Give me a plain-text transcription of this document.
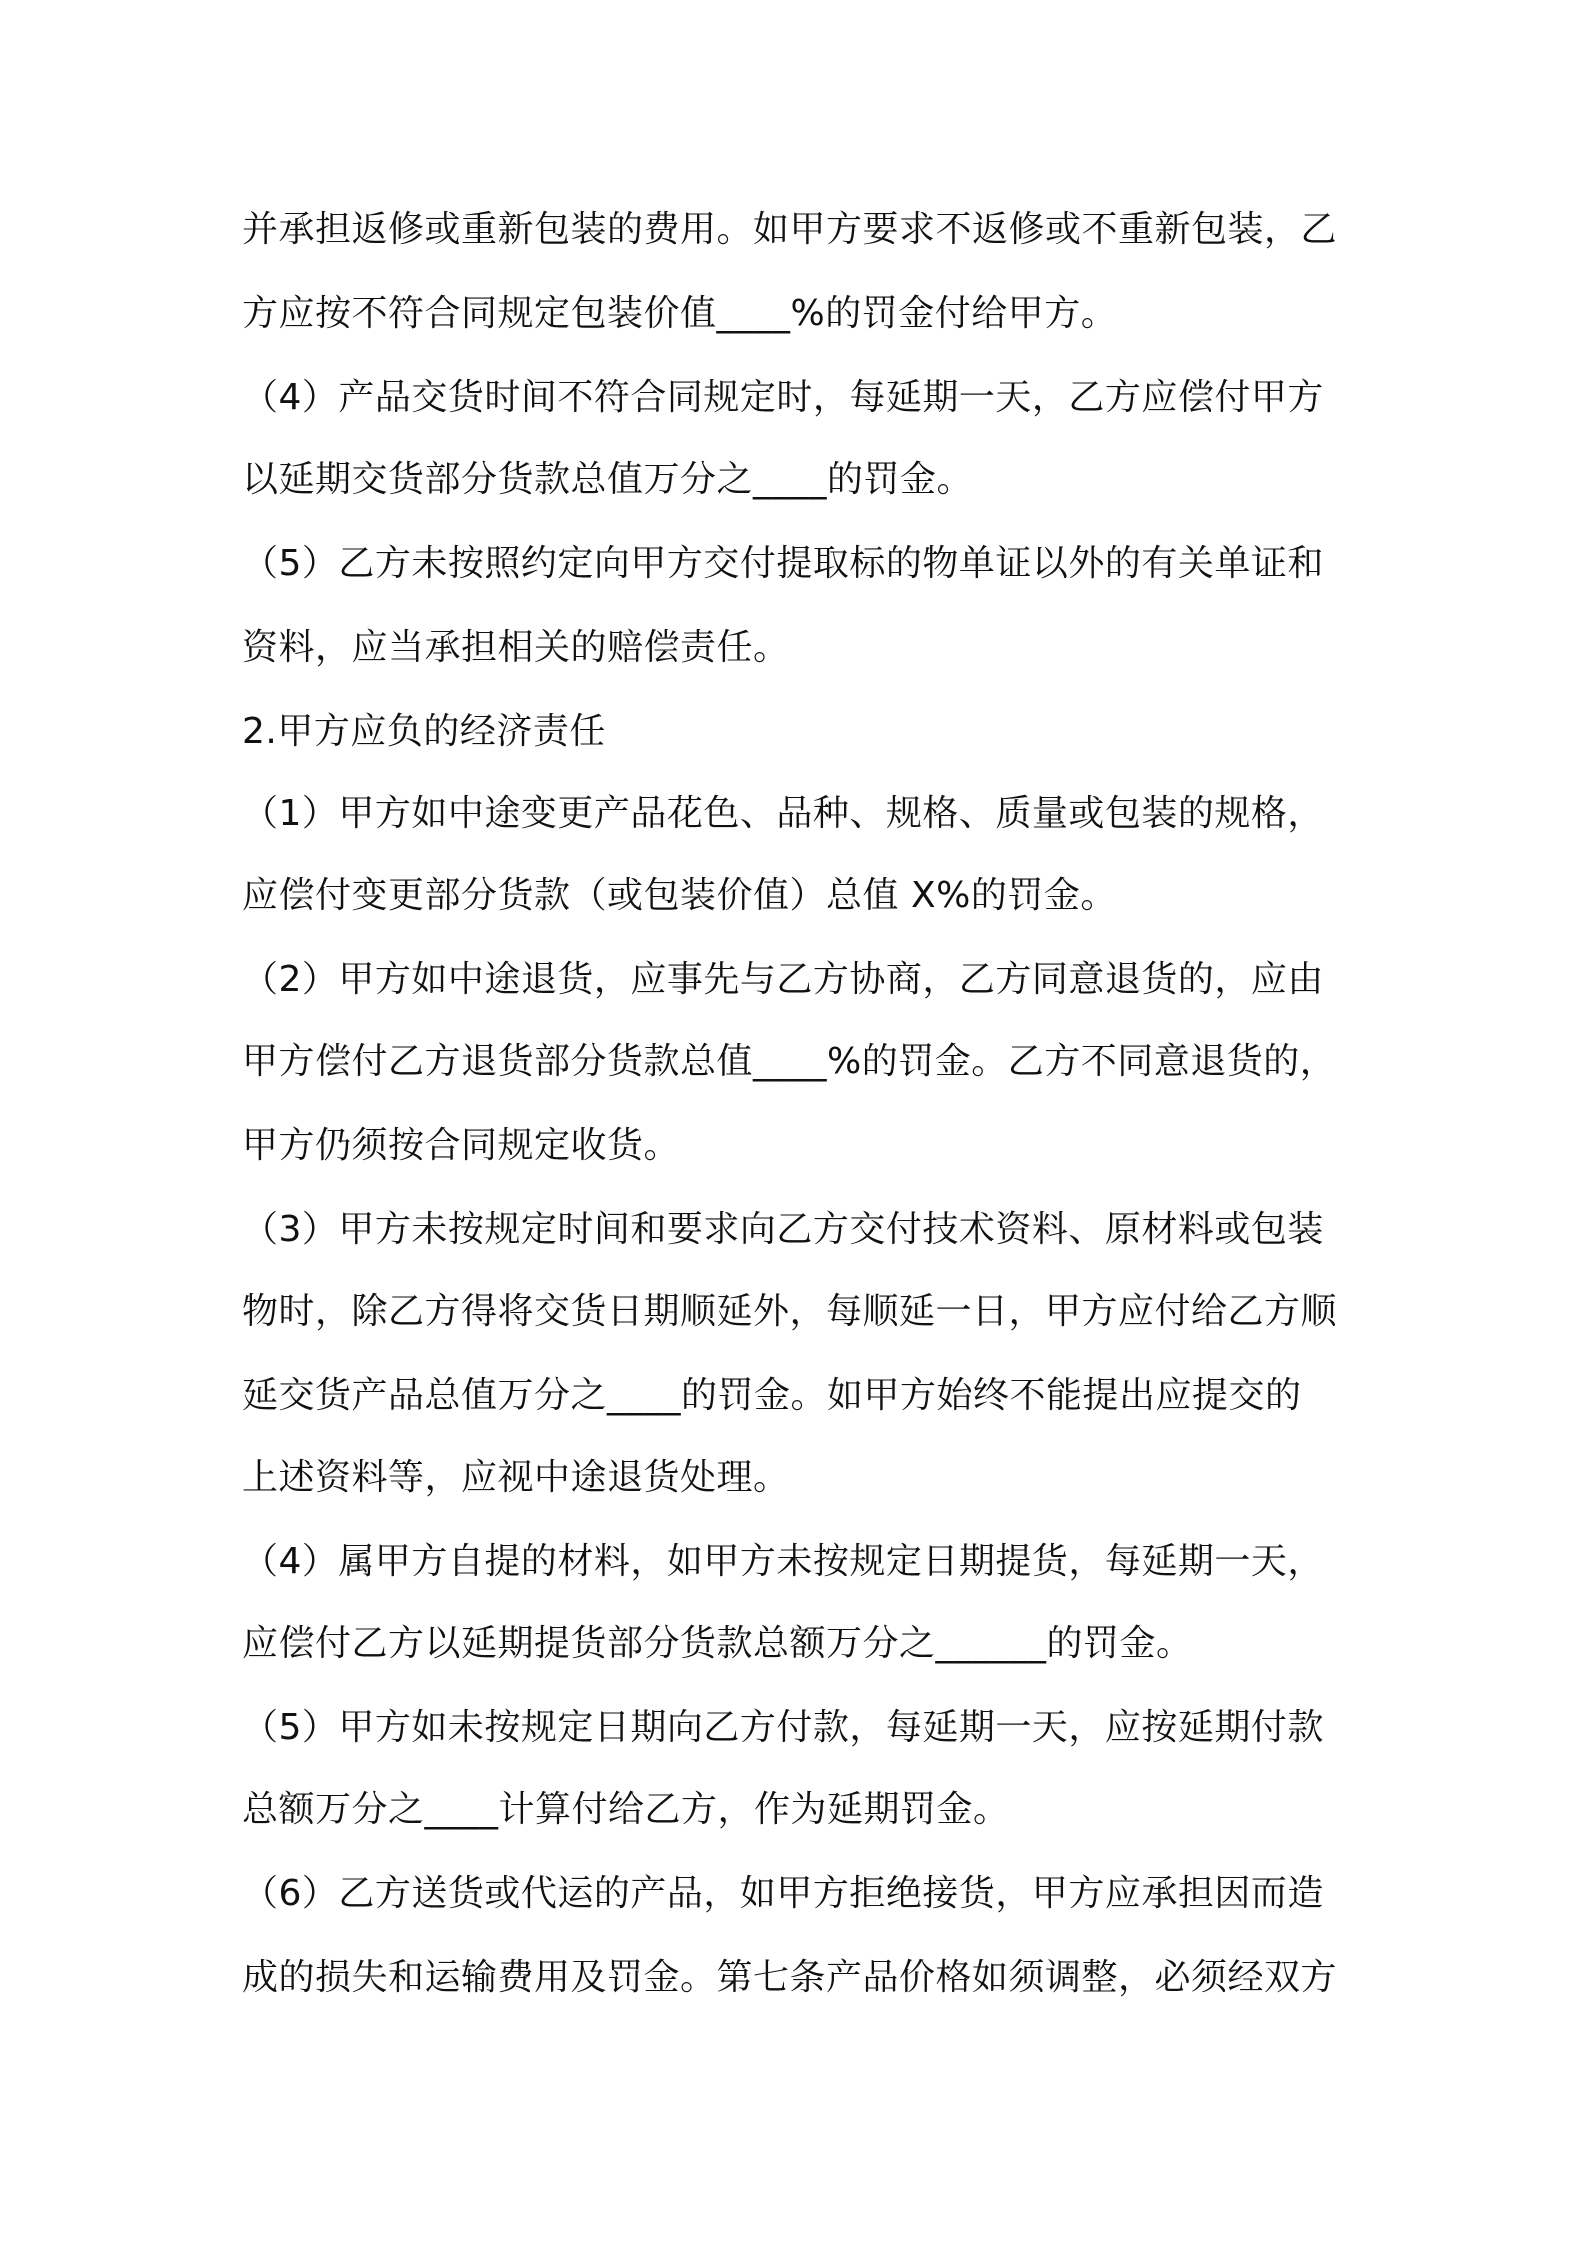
并承担返修或重新包装的费用。如甲方要求不返修或不重新包装，乙
方应按不符合同规定包装价值____%的罚金付给甲方。
（4）产品交货时间不符合同规定时，每延期一天，乙方应偿付甲方
以延期交货部分货款总值万分之____的罚金。
（5）乙方未按照约定向甲方交付提取标的物单证以外的有关单证和
资料，应当承担相关的赔偿责任。
2.甲方应负的经济责任
（1）甲方如中途变更产品花色、品种、规格、质量或包装的规格，
应偿付变更部分货款（或包装价值）总值 X%的罚金。
（2）甲方如中途退货，应事先与乙方协商，乙方同意退货的，应由
甲方偿付乙方退货部分货款总值____%的罚金。乙方不同意退货的，
甲方仍须按合同规定收货。
（3）甲方未按规定时间和要求向乙方交付技术资料、原材料或包装
物时，除乙方得将交货日期顺延外，每顺延一日，甲方应付给乙方顺
延交货产品总值万分之____的罚金。如甲方始终不能提出应提交的
上述资料等，应视中途退货处理。
（4）属甲方自提的材料，如甲方未按规定日期提货，每延期一天，
应偿付乙方以延期提货部分货款总额万分之______的罚金。
（5）甲方如未按规定日期向乙方付款，每延期一天，应按延期付款
总额万分之____计算付给乙方，作为延期罚金。
（6）乙方送货或代运的产品，如甲方拒绝接货，甲方应承担因而造
成的损失和运输费用及罚金。第七条产品价格如须调整，必须经双方
